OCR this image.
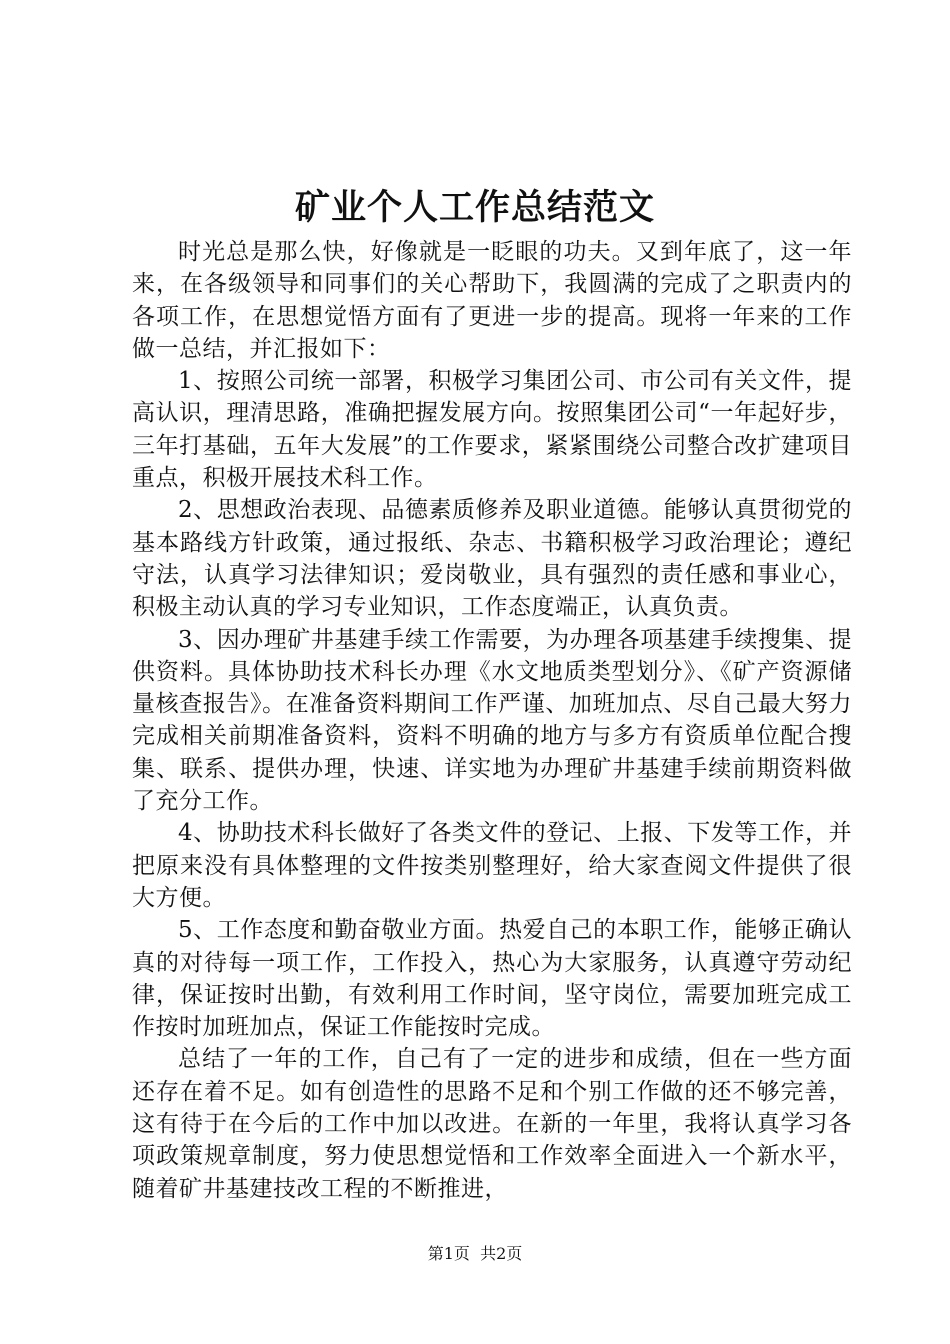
矿业个人工作总结范文

时光总是那么快，好像就是一眨眼的功夫。又到年底了，这一年来，在各级领导和同事们的关心帮助下，我圆满的完成了之职责内的各项工作，在思想觉悟方面有了更进一步的提高。现将一年来的工作做一总结，并汇报如下：

1、按照公司统一部署，积极学习集团公司、市公司有关文件，提高认识，理清思路，准确把握发展方向。按照集团公司“一年起好步，三年打基础，五年大发展”的工作要求，紧紧围绕公司整合改扩建项目重点，积极开展技术科工作。

2、思想政治表现、品德素质修养及职业道德。能够认真贯彻党的基本路线方针政策，通过报纸、杂志、书籍积极学习政治理论；遵纪守法，认真学习法律知识；爱岗敬业，具有强烈的责任感和事业心，积极主动认真的学习专业知识，工作态度端正，认真负责。

3、因办理矿井基建手续工作需要，为办理各项基建手续搜集、提供资料。具体协助技术科长办理《水文地质类型划分》、《矿产资源储量核查报告》。在准备资料期间工作严谨、加班加点、尽自己最大努力完成相关前期准备资料，资料不明确的地方与多方有资质单位配合搜集、联系、提供办理，快速、详实地为办理矿井基建手续前期资料做了充分工作。

4、协助技术科长做好了各类文件的登记、上报、下发等工作，并把原来没有具体整理的文件按类别整理好，给大家查阅文件提供了很大方便。

5、工作态度和勤奋敬业方面。热爱自己的本职工作，能够正确认真的对待每一项工作，工作投入，热心为大家服务，认真遵守劳动纪律，保证按时出勤，有效利用工作时间，坚守岗位，需要加班完成工作按时加班加点，保证工作能按时完成。

总结了一年的工作，自己有了一定的进步和成绩，但在一些方面还存在着不足。如有创造性的思路不足和个别工作做的还不够完善，这有待于在今后的工作中加以改进。在新的一年里，我将认真学习各项政策规章制度，努力使思想觉悟和工作效率全面进入一个新水平，随着矿井基建技改工程的不断推进，

第1页 共2页
